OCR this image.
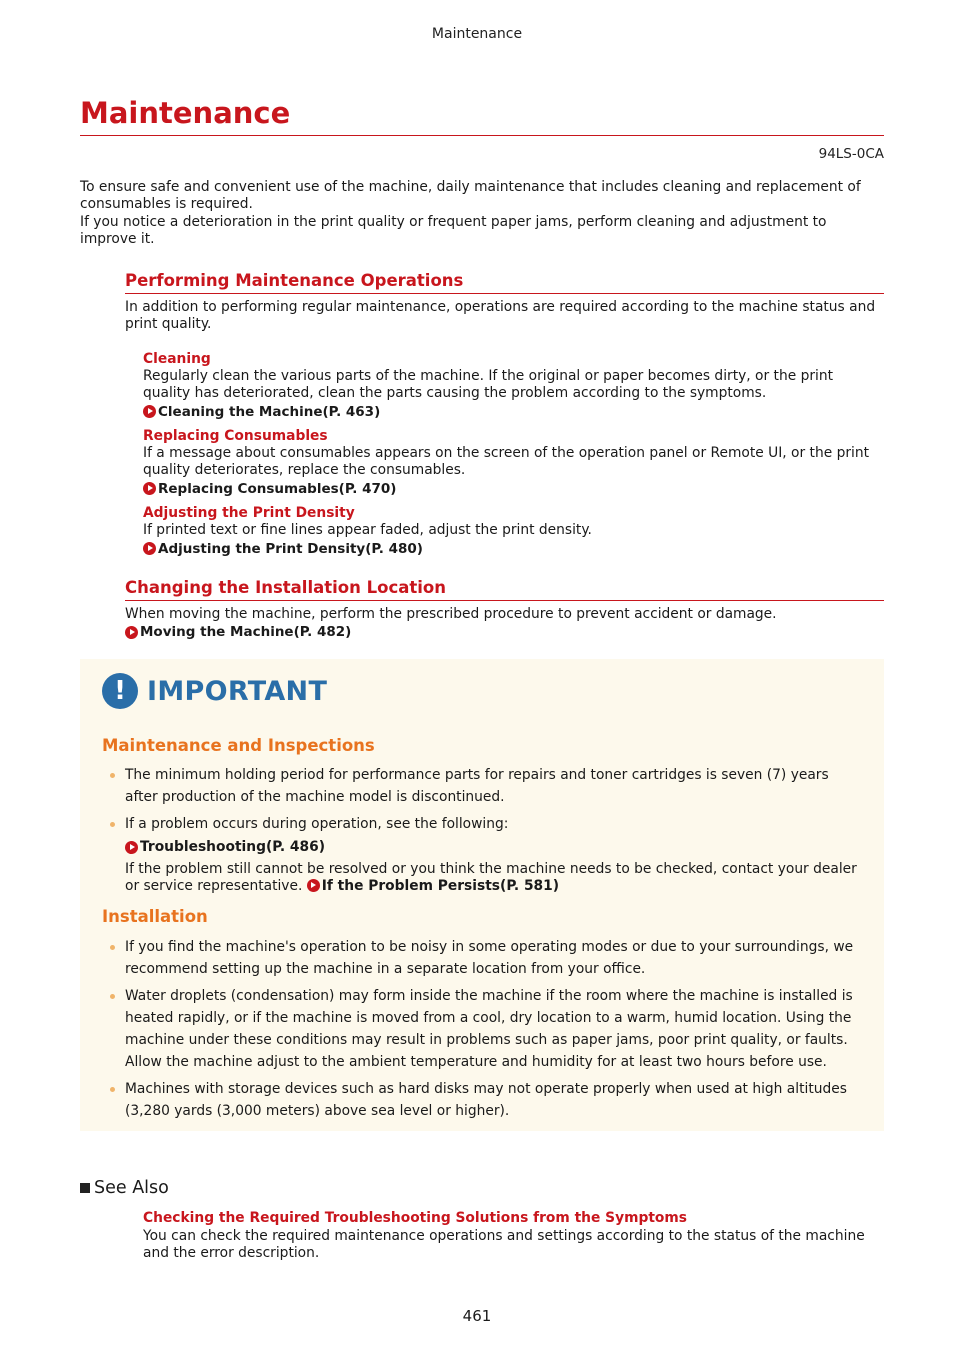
Maintenance
Maintenance
94LS-0CA

To ensure safe and convenient use of the machine, daily maintenance that includes cleaning and replacement of consumables is required.

If you notice a deterioration in the print quality or frequent paper jams, perform cleaning and adjustment to improve it.

Performing Maintenance Operations
In addition to performing regular maintenance, operations are required according to the machine status and print quality.
Cleaning
Regularly clean the various parts of the machine. If the original or paper becomes dirty, or the print quality has deteriorated, clean the parts causing the problem according to the symptoms.
Cleaning the Machine(P. 463)
Replacing Consumables
If a message about consumables appears on the screen of the operation panel or Remote UI, or the print quality deteriorates, replace the consumables.
Replacing Consumables(P. 470)
Adjusting the Print Density
If printed text or fine lines appear faded, adjust the print density.
Adjusting the Print Density(P. 480)
Changing the Installation Location
When moving the machine, perform the prescribed procedure to prevent accident or damage.
Moving the Machine(P. 482)
! IMPORTANT
Maintenance and Inspections
The minimum holding period for performance parts for repairs and toner cartridges is seven (7) years after production of the machine model is discontinued.
If a problem occurs during operation, see the following:
Troubleshooting(P. 486)
If the problem still cannot be resolved or you think the machine needs to be checked, contact your dealer or service representative. If the Problem Persists(P. 581)
Installation
If you find the machine's operation to be noisy in some operating modes or due to your surroundings, we recommend setting up the machine in a separate location from your office.
Water droplets (condensation) may form inside the machine if the room where the machine is installed is heated rapidly, or if the machine is moved from a cool, dry location to a warm, humid location. Using the machine under these conditions may result in problems such as paper jams, poor print quality, or faults. Allow the machine adjust to the ambient temperature and humidity for at least two hours before use.
Machines with storage devices such as hard disks may not operate properly when used at high altitudes (3,280 yards (3,000 meters) above sea level or higher).
See Also
Checking the Required Troubleshooting Solutions from the Symptoms
You can check the required maintenance operations and settings according to the status of the machine and the error description.
461
